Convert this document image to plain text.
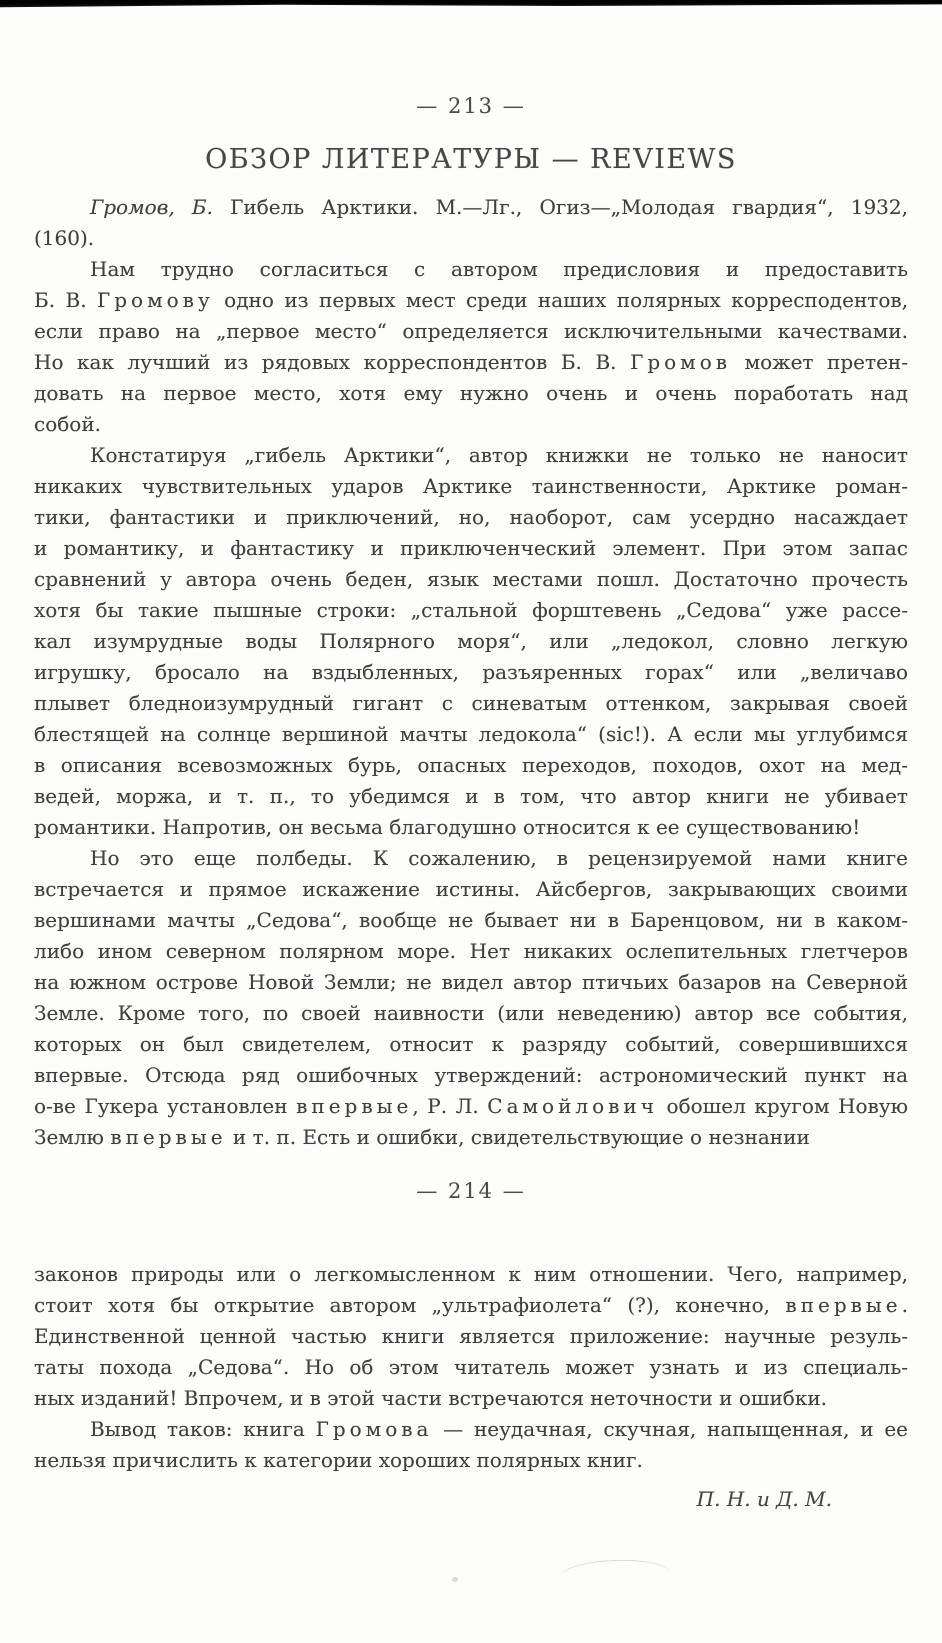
— 213 —
ОБЗОР ЛИТЕРАТУРЫ — REVIEWS
Громов, Б. Гибель Арктики. М.—Лг., Огиз—„Молодая гвардия“, 1932,
(160).
Нам трудно согласиться с автором предисловия и предоставить
Б. В. Громову одно из первых мест среди наших полярных корресподентов,
если право на „первое место“ определяется исключительными качествами.
Но как лучший из рядовых корреспондентов Б. В. Громов может претен-
довать на первое место, хотя ему нужно очень и очень поработать над
собой.
Констатируя „гибель Арктики“, автор книжки не только не наносит
никаких чувствительных ударов Арктике таинственности, Арктике роман-
тики, фантастики и приключений, но, наоборот, сам усердно насаждает
и романтику, и фантастику и приключенческий элемент. При этом запас
сравнений у автора очень беден, язык местами пошл. Достаточно прочесть
хотя бы такие пышные строки: „стальной форштевень „Седова“ уже рассе-
кал изумрудные воды Полярного моря“, или „ледокол, словно легкую
игрушку, бросало на вздыбленных, разъяренных горах“ или „величаво
плывет бледноизумрудный гигант с синеватым оттенком, закрывая своей
блестящей на солнце вершиной мачты ледокола“ (sic!). А если мы углубимся
в описания всевозможных бурь, опасных переходов, походов, охот на мед-
ведей, моржа, и т. п., то убедимся и в том, что автор книги не убивает
романтики. Напротив, он весьма благодушно относится к ее существованию!
Но это еще полбеды. К сожалению, в рецензируемой нами книге
встречается и прямое искажение истины. Айсбергов, закрывающих своими
вершинами мачты „Седова“, вообще не бывает ни в Баренцовом, ни в каком-
либо ином северном полярном море. Нет никаких ослепительных глетчеров
на южном острове Новой Земли; не видел автор птичьих базаров на Северной
Земле. Кроме того, по своей наивности (или неведению) автор все события,
которых он был свидетелем, относит к разряду событий, совершившихся
впервые. Отсюда ряд ошибочных утверждений: астрономический пункт на
о-ве Гукера установлен впервые, Р. Л. Самойлович обошел кругом Новую
Землю впервые и т. п. Есть и ошибки, свидетельствующие о незнании
— 214 —
законов природы или о легкомысленном к ним отношении. Чего, например,
стоит хотя бы открытие автором „ультрафиолета“ (?), конечно, впервые.
Единственной ценной частью книги является приложение: научные резуль-
таты похода „Седова“. Но об этом читатель может узнать и из специаль-
ных изданий! Впрочем, и в этой части встречаются неточности и ошибки.
Вывод таков: книга Громова — неудачная, скучная, напыщенная, и ее
нельзя причислить к категории хороших полярных книг.
П. Н. и Д. М.
